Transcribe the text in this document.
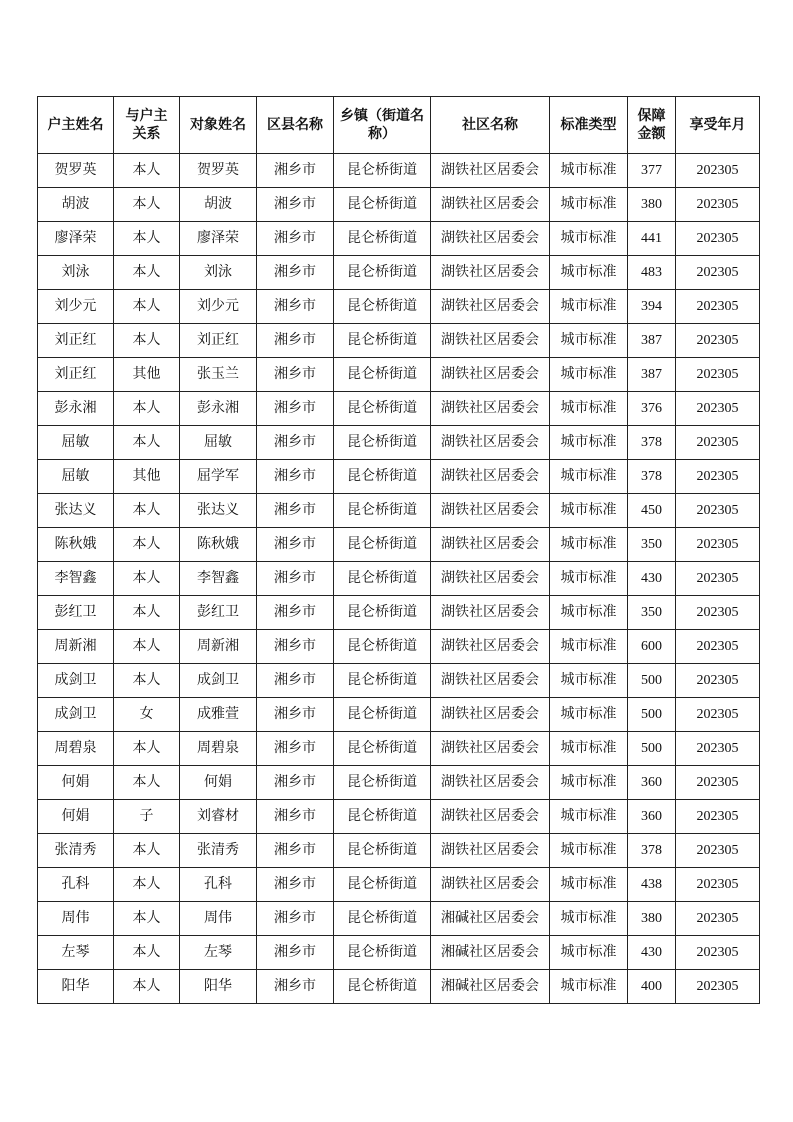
户主姓名	与户主关系	对象姓名	区县名称	乡镇（街道名称）	社区名称	标准类型	保障金额	享受年月
贺罗英	本人	贺罗英	湘乡市	昆仑桥街道	湖铁社区居委会	城市标准	377	202305
胡波	本人	胡波	湘乡市	昆仑桥街道	湖铁社区居委会	城市标准	380	202305
廖泽荣	本人	廖泽荣	湘乡市	昆仑桥街道	湖铁社区居委会	城市标准	441	202305
刘泳	本人	刘泳	湘乡市	昆仑桥街道	湖铁社区居委会	城市标准	483	202305
刘少元	本人	刘少元	湘乡市	昆仑桥街道	湖铁社区居委会	城市标准	394	202305
刘正红	本人	刘正红	湘乡市	昆仑桥街道	湖铁社区居委会	城市标准	387	202305
刘正红	其他	张玉兰	湘乡市	昆仑桥街道	湖铁社区居委会	城市标准	387	202305
彭永湘	本人	彭永湘	湘乡市	昆仑桥街道	湖铁社区居委会	城市标准	376	202305
屈敏	本人	屈敏	湘乡市	昆仑桥街道	湖铁社区居委会	城市标准	378	202305
屈敏	其他	屈学军	湘乡市	昆仑桥街道	湖铁社区居委会	城市标准	378	202305
张达义	本人	张达义	湘乡市	昆仑桥街道	湖铁社区居委会	城市标准	450	202305
陈秋娥	本人	陈秋娥	湘乡市	昆仑桥街道	湖铁社区居委会	城市标准	350	202305
李智鑫	本人	李智鑫	湘乡市	昆仑桥街道	湖铁社区居委会	城市标准	430	202305
彭红卫	本人	彭红卫	湘乡市	昆仑桥街道	湖铁社区居委会	城市标准	350	202305
周新湘	本人	周新湘	湘乡市	昆仑桥街道	湖铁社区居委会	城市标准	600	202305
成剑卫	本人	成剑卫	湘乡市	昆仑桥街道	湖铁社区居委会	城市标准	500	202305
成剑卫	女	成雅萱	湘乡市	昆仑桥街道	湖铁社区居委会	城市标准	500	202305
周碧泉	本人	周碧泉	湘乡市	昆仑桥街道	湖铁社区居委会	城市标准	500	202305
何娟	本人	何娟	湘乡市	昆仑桥街道	湖铁社区居委会	城市标准	360	202305
何娟	子	刘睿材	湘乡市	昆仑桥街道	湖铁社区居委会	城市标准	360	202305
张清秀	本人	张清秀	湘乡市	昆仑桥街道	湖铁社区居委会	城市标准	378	202305
孔科	本人	孔科	湘乡市	昆仑桥街道	湖铁社区居委会	城市标准	438	202305
周伟	本人	周伟	湘乡市	昆仑桥街道	湘碱社区居委会	城市标准	380	202305
左琴	本人	左琴	湘乡市	昆仑桥街道	湘碱社区居委会	城市标准	430	202305
阳华	本人	阳华	湘乡市	昆仑桥街道	湘碱社区居委会	城市标准	400	202305
